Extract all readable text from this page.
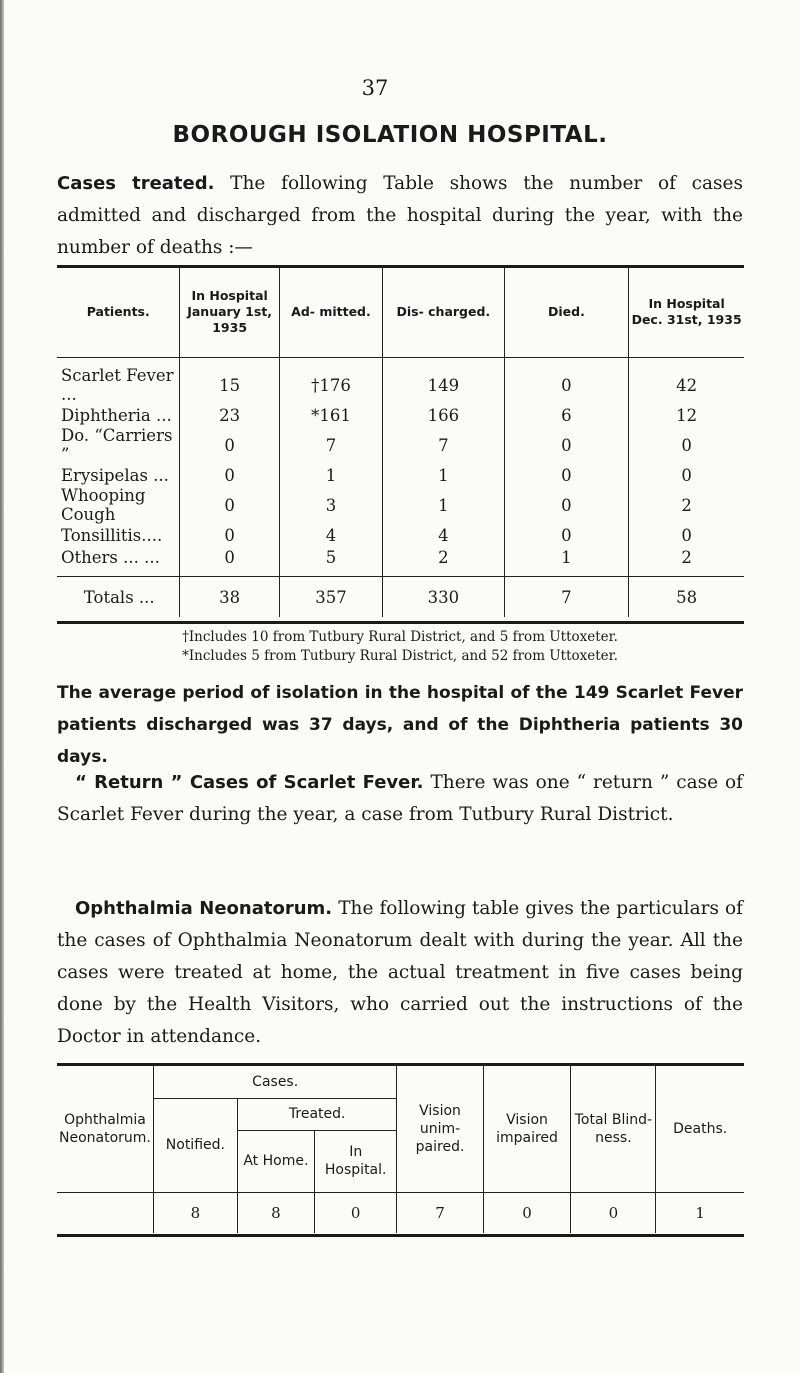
37
BOROUGH ISOLATION HOSPITAL.

Cases treated. The following Table shows the number of cases admitted and discharged from the hospital during the year, with the number of deaths :—

Patients.	In Hospital January 1st, 1935	Ad- mitted.	Dis- charged.	Died.	In Hospital Dec. 31st, 1935
Scarlet Fever ...	15	†176	149	0	42
Diphtheria ...	23	*161	166	6	12
Do. “Carriers ”	0	7	7	0	0
Erysipelas ...	0	1	1	0	0
Whooping Cough	0	3	1	0	2
Tonsillitis....	0	4	4	0	0
Others ... ...	0	5	2	1	2
Totals ...	38	357	330	7	58
†Includes 10 from Tutbury Rural District, and 5 from Uttoxeter.
*Includes 5 from Tutbury Rural District, and 52 from Uttoxeter.

The average period of isolation in the hospital of the 149 Scarlet Fever patients discharged was 37 days, and of the Diphtheria patients 30 days.

“ Return ” Cases of Scarlet Fever. There was one “ return ” case of Scarlet Fever during the year, a case from Tutbury Rural District.

Ophthalmia Neonatorum. The following table gives the particulars of the cases of Ophthalmia Neonatorum dealt with during the year. All the cases were treated at home, the actual treatment in five cases being done by the Health Visitors, who carried out the instructions of the Doctor in attendance.

Ophthalmia Neonatorum.	Cases.			Vision unim- paired.	Vision impaired	Total Blind- ness.	Deaths.
	Notified.	Treated.					
		At Home.	In Hospital.				
	8	8	0	7	0	0	1
